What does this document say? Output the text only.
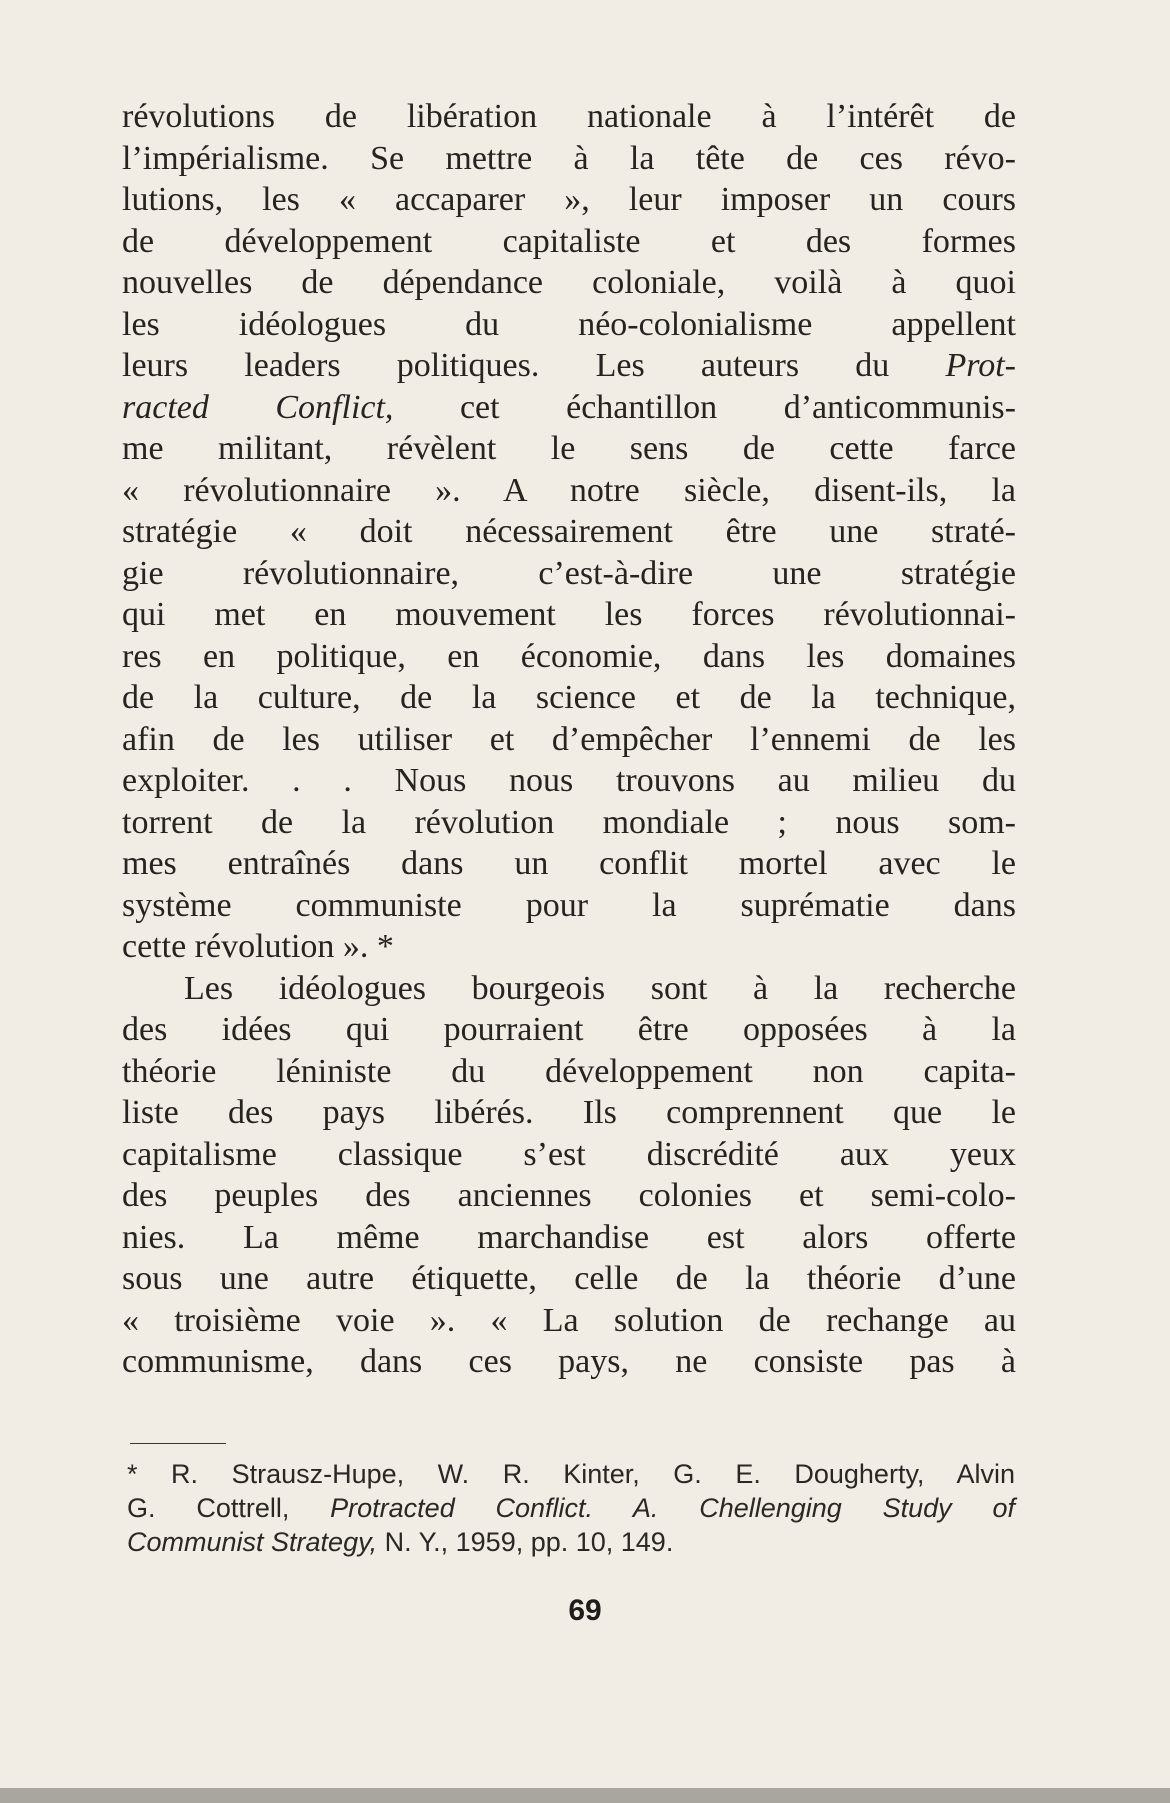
révolutions de libération nationale à l’intérêt de
l’impérialisme. Se mettre à la tête de ces révo-
lutions, les « accaparer », leur imposer un cours
de développement capitaliste et des formes
nouvelles de dépendance coloniale, voilà à quoi
les idéologues du néo-colonialisme appellent
leurs leaders politiques. Les auteurs du Prot-
racted Conflict, cet échantillon d’anticommunis-
me militant, révèlent le sens de cette farce
« révolutionnaire ». A notre siècle, disent-ils, la
stratégie « doit nécessairement être une straté-
gie révolutionnaire, c’est-à-dire une stratégie
qui met en mouvement les forces révolutionnai-
res en politique, en économie, dans les domaines
de la culture, de la science et de la technique,
afin de les utiliser et d’empêcher l’ennemi de les
exploiter. . . Nous nous trouvons au milieu du
torrent de la révolution mondiale ; nous som-
mes entraînés dans un conflit mortel avec le
système communiste pour la suprématie dans
cette révolution ». *
Les idéologues bourgeois sont à la recherche
des idées qui pourraient être opposées à la
théorie léniniste du développement non capita-
liste des pays libérés. Ils comprennent que le
capitalisme classique s’est discrédité aux yeux
des peuples des anciennes colonies et semi-colo-
nies. La même marchandise est alors offerte
sous une autre étiquette, celle de la théorie d’une
« troisième voie ». « La solution de rechange au
communisme, dans ces pays, ne consiste pas à
* R. Strausz-Hupe, W. R. Kinter, G. E. Dougherty, Alvin
G. Cottrell, Protracted Conflict. A. Chellenging Study of
Communist Strategy, N. Y., 1959, pp. 10, 149.
69
